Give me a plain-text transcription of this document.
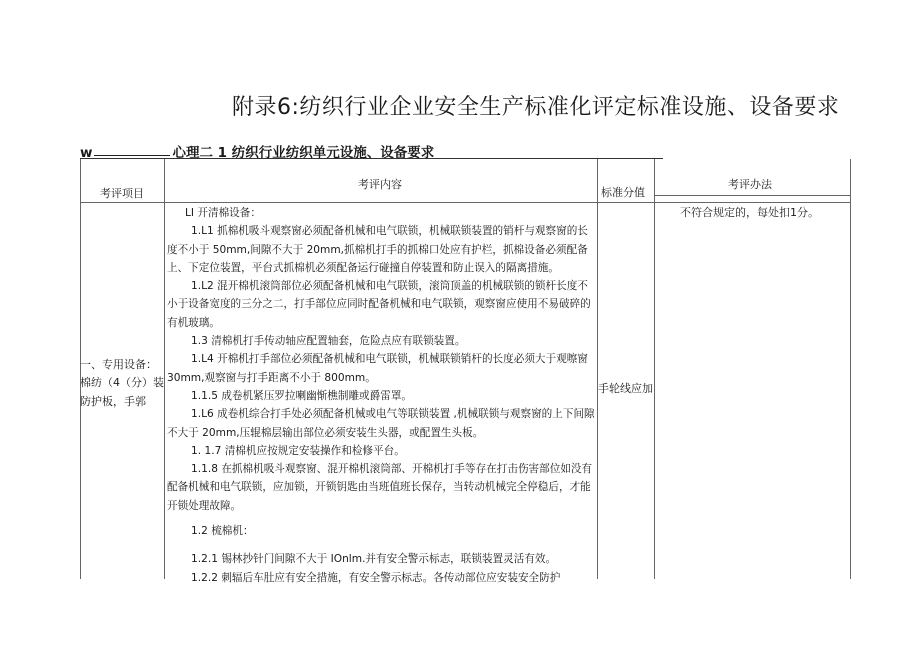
附录6:纺织行业企业安全生产标准化评定标准设施、设备要求
w	心理二 1 纺织行业纺织单元设施、设备要求
考评项目
考评内容
标准分值
考评办法
一、专用设备：棉纺（4（分）装防护板，手郭
手轮线应加
不符合规定的，每处扣1分。

LI 开清棉设备：

1.L1 抓棉机吸斗观察窗必须配备机械和电气联锁，机械联锁装置的销杆与观察窗的长度不小于 50mm,间隙不大于 20mm,抓棉机打手的抓棉口处应有护栏，抓棉设备必须配备上、下定位装置，平台式抓棉机必须配备运行碰撞自停装置和防止误入的隔离措施。

1.L2 混开棉机滚筒部位必须配备机械和电气联锁，滚筒顶盖的机械联锁的锁杆长度不小于设备宽度的三分之二，打手部位应同时配备机械和电气联锁，观察窗应使用不易破碎的有机玻璃。

1.3 清棉机打手传动轴应配置轴套，危险点应有联锁装置。

1.L4 开棉机打手部位必须配备机械和电气联锁，机械联锁销杆的长度必须大于观嚓窗30mm,观察窗与打手距离不小于 800mm。

1.1.5 成卷机紧压罗拉喇幽惭樵制雕或爵雷罩。

1.L6 成卷机综合打手处必须配备机械或电气等联锁装置 ,机械联锁与观察窗的上下间隙不大于 20mm,压辊棉层输出部位必须安装生头器，或配置生头板。

1. 1.7 清棉机应按规定安装操作和检修平台。

1.1.8 在抓棉机吸斗观察窗、混开棉机滚筒部、开棉机打手等存在打击伤害部位如没有配备机械和电气联锁，应加锁，开锁钥匙由当班值班长保存，当转动机械完全停稳后，才能开锁处理故障。

1.2 梳棉机：

1.2.1 锡林抄针门间隙不大于 IOnlm.并有安全警示标志，联锁装置灵活有效。

1.2.2 刺辐后车肚应有安全措施，有安全警示标志。各传动部位应安装安全防护
